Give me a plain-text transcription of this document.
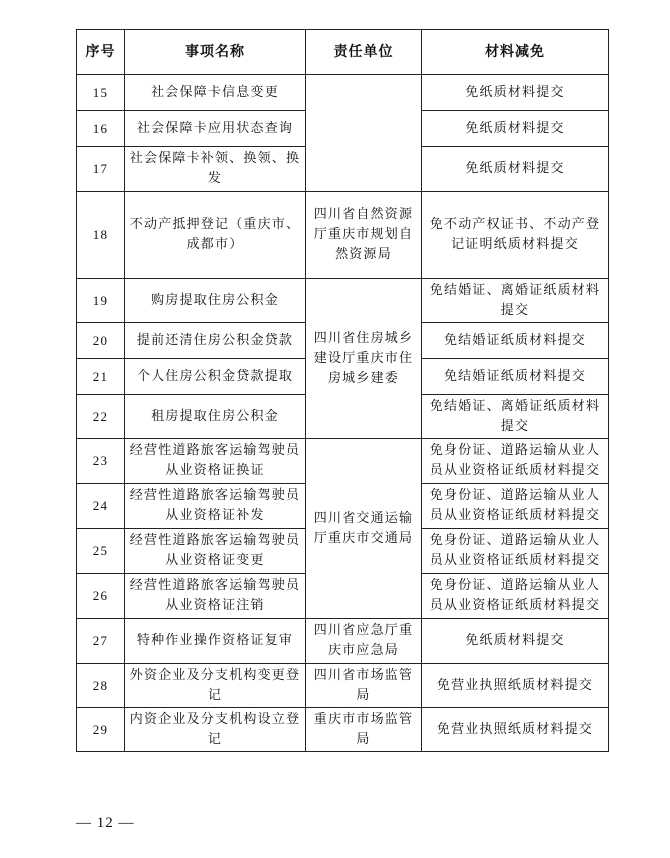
序号	事项名称	责任单位	材料减免
15	社会保障卡信息变更		免纸质材料提交
16	社会保障卡应用状态查询		免纸质材料提交
17	社会保障卡补领、换领、换发		免纸质材料提交
18	不动产抵押登记（重庆市、成都市）	四川省自然资源厅重庆市规划自然资源局	免不动产权证书、不动产登记证明纸质材料提交
19	购房提取住房公积金	四川省住房城乡建设厅重庆市住房城乡建委	免结婚证、离婚证纸质材料提交
20	提前还清住房公积金贷款		免结婚证纸质材料提交
21	个人住房公积金贷款提取		免结婚证纸质材料提交
22	租房提取住房公积金		免结婚证、离婚证纸质材料提交
23	经营性道路旅客运输驾驶员从业资格证换证	四川省交通运输厅重庆市交通局	免身份证、道路运输从业人员从业资格证纸质材料提交
24	经营性道路旅客运输驾驶员从业资格证补发		免身份证、道路运输从业人员从业资格证纸质材料提交
25	经营性道路旅客运输驾驶员从业资格证变更		免身份证、道路运输从业人员从业资格证纸质材料提交
26	经营性道路旅客运输驾驶员从业资格证注销		免身份证、道路运输从业人员从业资格证纸质材料提交
27	特种作业操作资格证复审	四川省应急厅重庆市应急局	免纸质材料提交
28	外资企业及分支机构变更登记	四川省市场监管局	免营业执照纸质材料提交
29	内资企业及分支机构设立登记	重庆市市场监管局	免营业执照纸质材料提交
— 12 —
